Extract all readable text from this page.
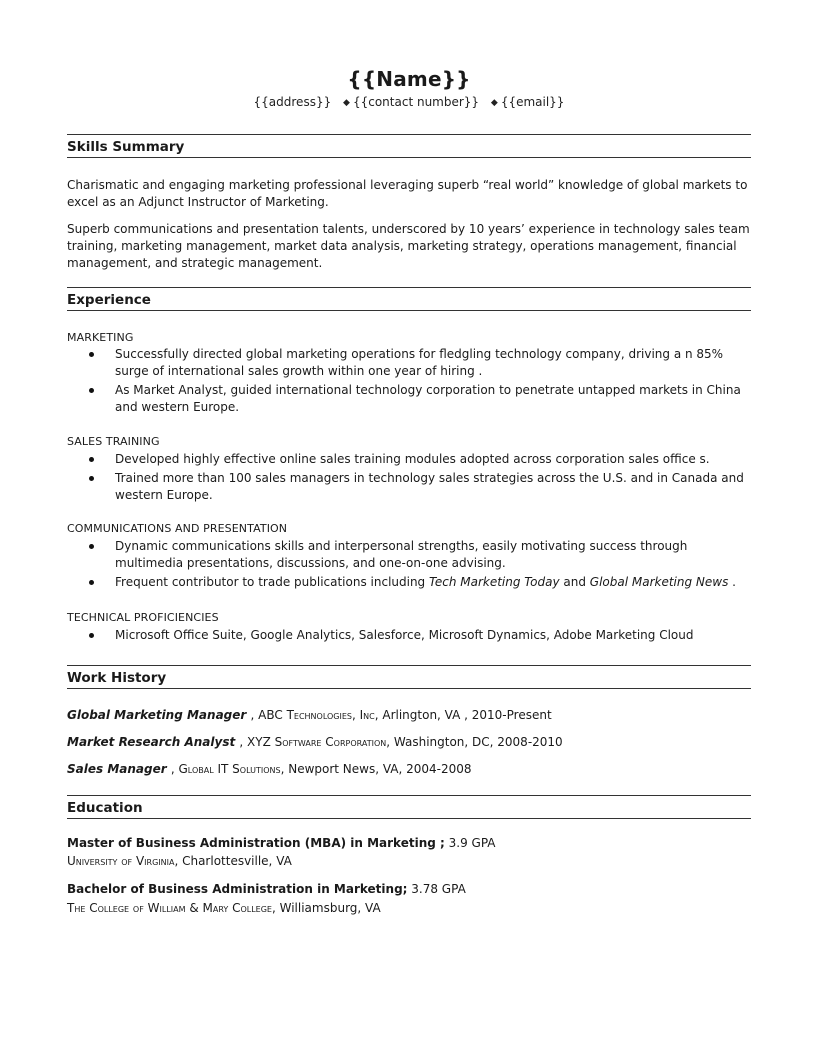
{{Name}}
{{address}} ◆ {{contact number}} ◆ {{email}}
Skills Summary
Charismatic and engaging marketing professional leveraging superb “real world” knowledge of global markets to excel as an Adjunct Instructor of Marketing.
Superb communications and presentation talents, underscored by 10 years’ experience in technology sales team training, marketing management, market data analysis, marketing strategy, operations management, financial management, and strategic management.
Experience
MARKETING
Successfully directed global marketing operations for fledgling technology company, driving a n 85% surge of international sales growth within one year of hiring .
As Market Analyst, guided international technology corporation to penetrate untapped markets in China and western Europe.
SALES TRAINING
Developed highly effective online sales training modules adopted across corporation sales office s.
Trained more than 100 sales managers in technology sales strategies across the U.S. and in Canada and western Europe.
COMMUNICATIONS AND PRESENTATION
Dynamic communications skills and interpersonal strengths, easily motivating success through multimedia presentations, discussions, and one-on-one advising.
Frequent contributor to trade publications including Tech Marketing Today and Global Marketing News .
TECHNICAL PROFICIENCIES
Microsoft Office Suite, Google Analytics, Salesforce, Microsoft Dynamics, Adobe Marketing Cloud
Work History
Global Marketing Manager , ABC Technologies, Inc, Arlington, VA , 2010-Present
Market Research Analyst , XYZ Software Corporation, Washington, DC, 2008-2010
Sales Manager , Global IT Solutions, Newport News, VA, 2004-2008
Education
Master of Business Administration (MBA) in Marketing ; 3.9 GPA
University of Virginia, Charlottesville, VA
Bachelor of Business Administration in Marketing; 3.78 GPA
The College of William & Mary College, Williamsburg, VA
